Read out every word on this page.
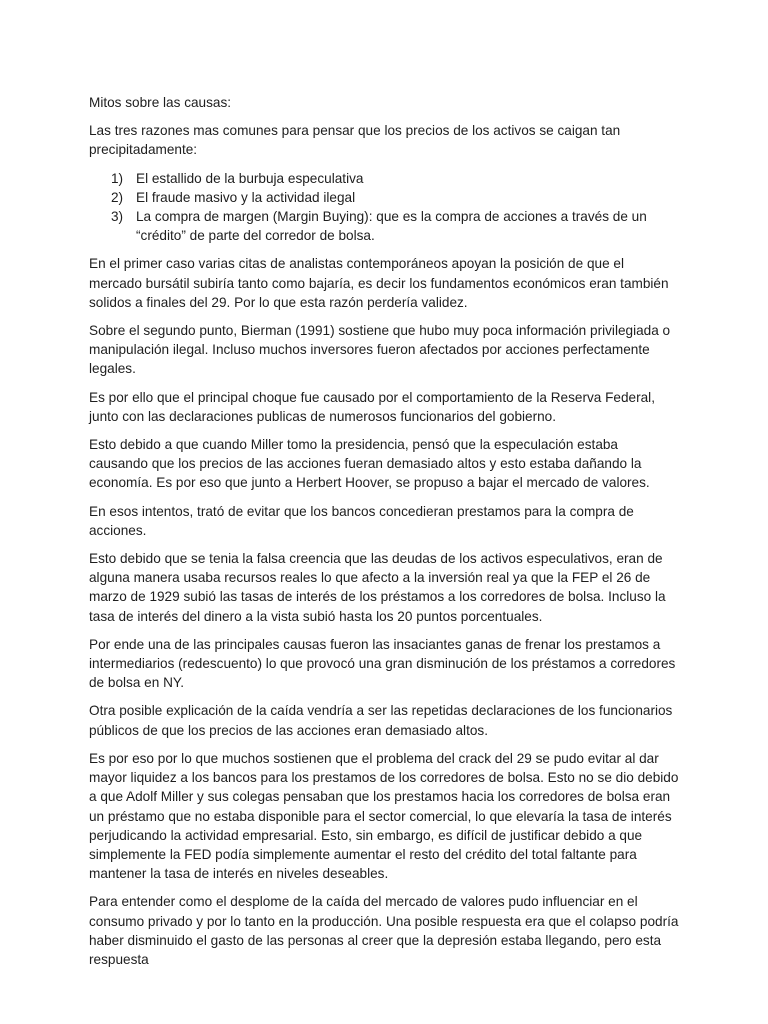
Mitos sobre las causas:

Las tres razones mas comunes para pensar que los precios de los activos se caigan tan precipitadamente:

1) El estallido de la burbuja especulativa
2) El fraude masivo y la actividad ilegal
3) La compra de margen (Margin Buying): que es la compra de acciones a través de un “crédito” de parte del corredor de bolsa.

En el primer caso varias citas de analistas contemporáneos apoyan la posición de que el mercado bursátil subiría tanto como bajaría, es decir los fundamentos económicos eran también solidos a finales del 29. Por lo que esta razón perdería validez.

Sobre el segundo punto, Bierman (1991) sostiene que hubo muy poca información privilegiada o manipulación ilegal. Incluso muchos inversores fueron afectados por acciones perfectamente legales.

Es por ello que el principal choque fue causado por el comportamiento de la Reserva Federal, junto con las declaraciones publicas de numerosos funcionarios del gobierno.

Esto debido a que cuando Miller tomo la presidencia, pensó que la especulación estaba causando que los precios de las acciones fueran demasiado altos y esto estaba dañando la economía. Es por eso que junto a Herbert Hoover, se propuso a bajar el mercado de valores.

En esos intentos, trató de evitar que los bancos concedieran prestamos para la compra de acciones.

Esto debido que se tenia la falsa creencia que las deudas de los activos especulativos, eran de alguna manera usaba recursos reales lo que afecto a la inversión real ya que la FEP el 26 de marzo de 1929 subió las tasas de interés de los préstamos a los corredores de bolsa. Incluso la tasa de interés del dinero a la vista subió hasta los 20 puntos porcentuales.

Por ende una de las principales causas fueron las insaciantes ganas de frenar los prestamos a intermediarios (redescuento) lo que provocó una gran disminución de los préstamos a corredores de bolsa en NY.

Otra posible explicación de la caída vendría a ser las repetidas declaraciones de los funcionarios públicos de que los precios de las acciones eran demasiado altos.

Es por eso por lo que muchos sostienen que el problema del crack del 29 se pudo evitar al dar mayor liquidez a los bancos para los prestamos de los corredores de bolsa. Esto no se dio debido a que Adolf Miller y sus colegas pensaban que los prestamos hacia los corredores de bolsa eran un préstamo que no estaba disponible para el sector comercial, lo que elevaría la tasa de interés perjudicando la actividad empresarial. Esto, sin embargo, es difícil de justificar debido a que simplemente la FED podía simplemente aumentar el resto del crédito del total faltante para mantener la tasa de interés en niveles deseables.

Para entender como el desplome de la caída del mercado de valores pudo influenciar en el consumo privado y por lo tanto en la producción. Una posible respuesta era que el colapso podría haber disminuido el gasto de las personas al creer que la depresión estaba llegando, pero esta respuesta
